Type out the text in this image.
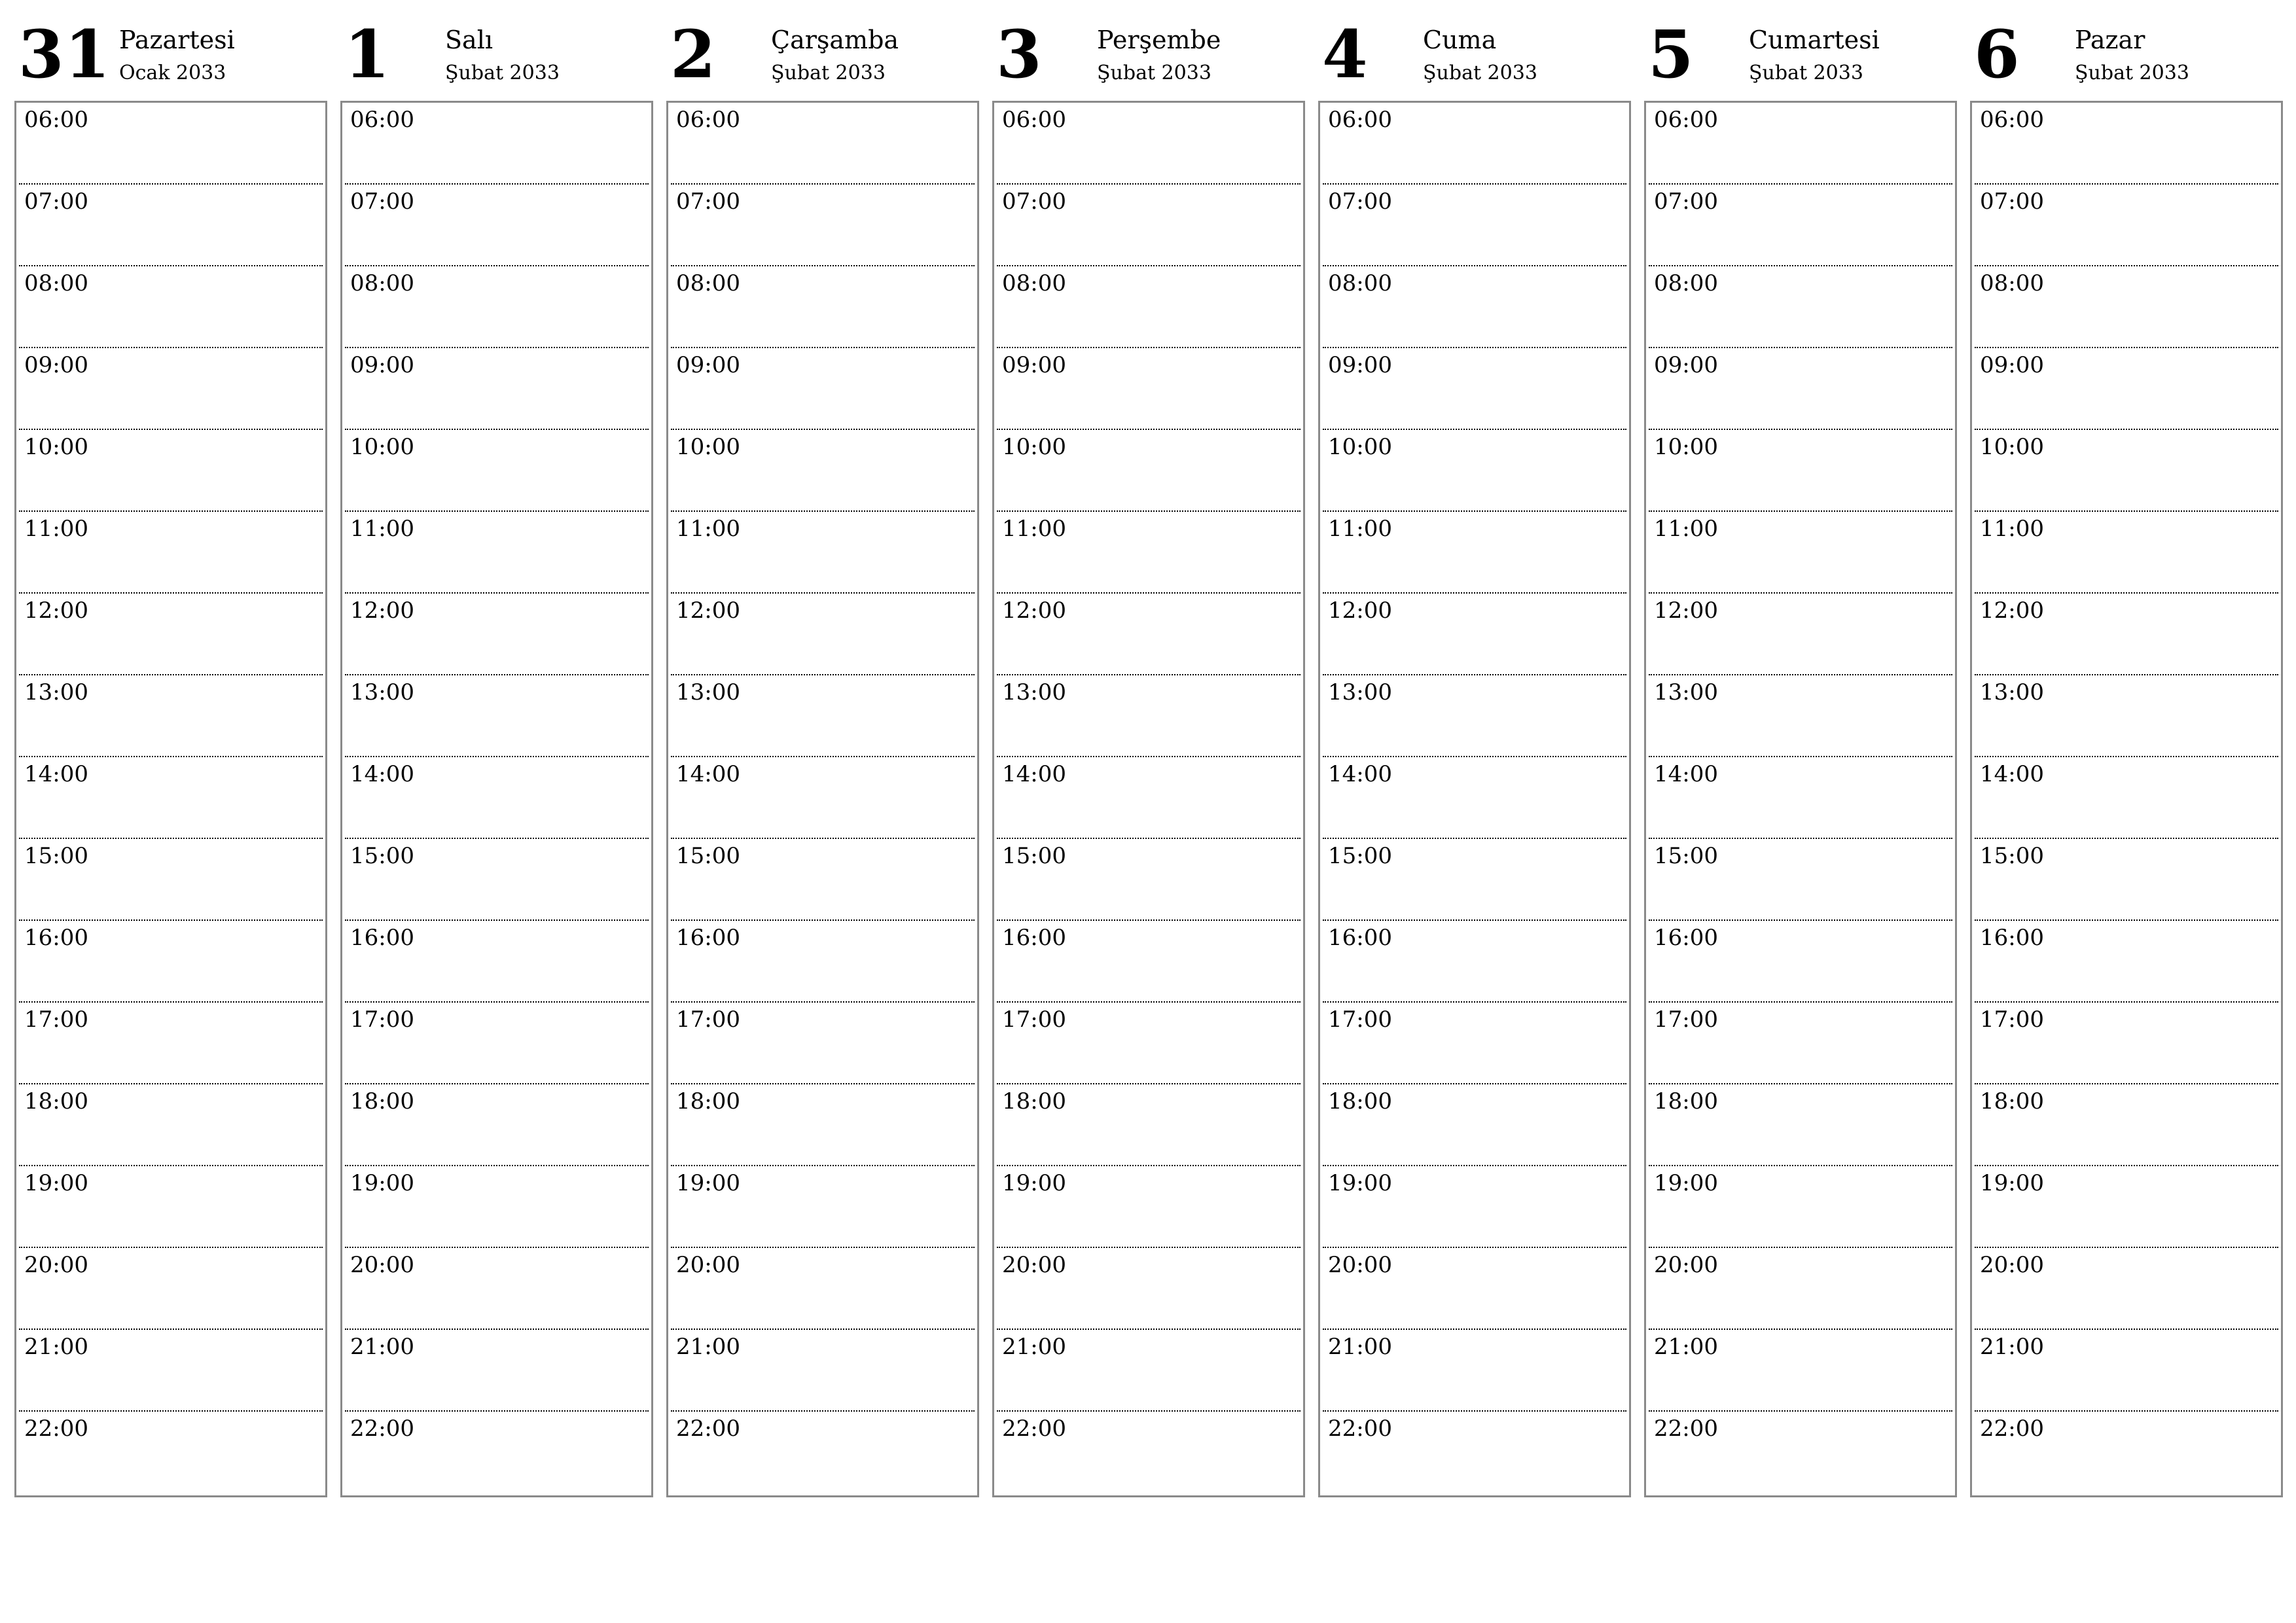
31 Pazartesi
Ocak 2033
06:00
07:00
08:00
09:00
10:00
11:00
12:00
13:00
14:00
15:00
16:00
17:00
18:00
19:00
20:00
21:00
22:00
1 Salı
Şubat 2033
06:00
07:00
08:00
09:00
10:00
11:00
12:00
13:00
14:00
15:00
16:00
17:00
18:00
19:00
20:00
21:00
22:00
2 Çarşamba
Şubat 2033
06:00
07:00
08:00
09:00
10:00
11:00
12:00
13:00
14:00
15:00
16:00
17:00
18:00
19:00
20:00
21:00
22:00
3 Perşembe
Şubat 2033
06:00
07:00
08:00
09:00
10:00
11:00
12:00
13:00
14:00
15:00
16:00
17:00
18:00
19:00
20:00
21:00
22:00
4 Cuma
Şubat 2033
06:00
07:00
08:00
09:00
10:00
11:00
12:00
13:00
14:00
15:00
16:00
17:00
18:00
19:00
20:00
21:00
22:00
5 Cumartesi
Şubat 2033
06:00
07:00
08:00
09:00
10:00
11:00
12:00
13:00
14:00
15:00
16:00
17:00
18:00
19:00
20:00
21:00
22:00
6 Pazar
Şubat 2033
06:00
07:00
08:00
09:00
10:00
11:00
12:00
13:00
14:00
15:00
16:00
17:00
18:00
19:00
20:00
21:00
22:00
